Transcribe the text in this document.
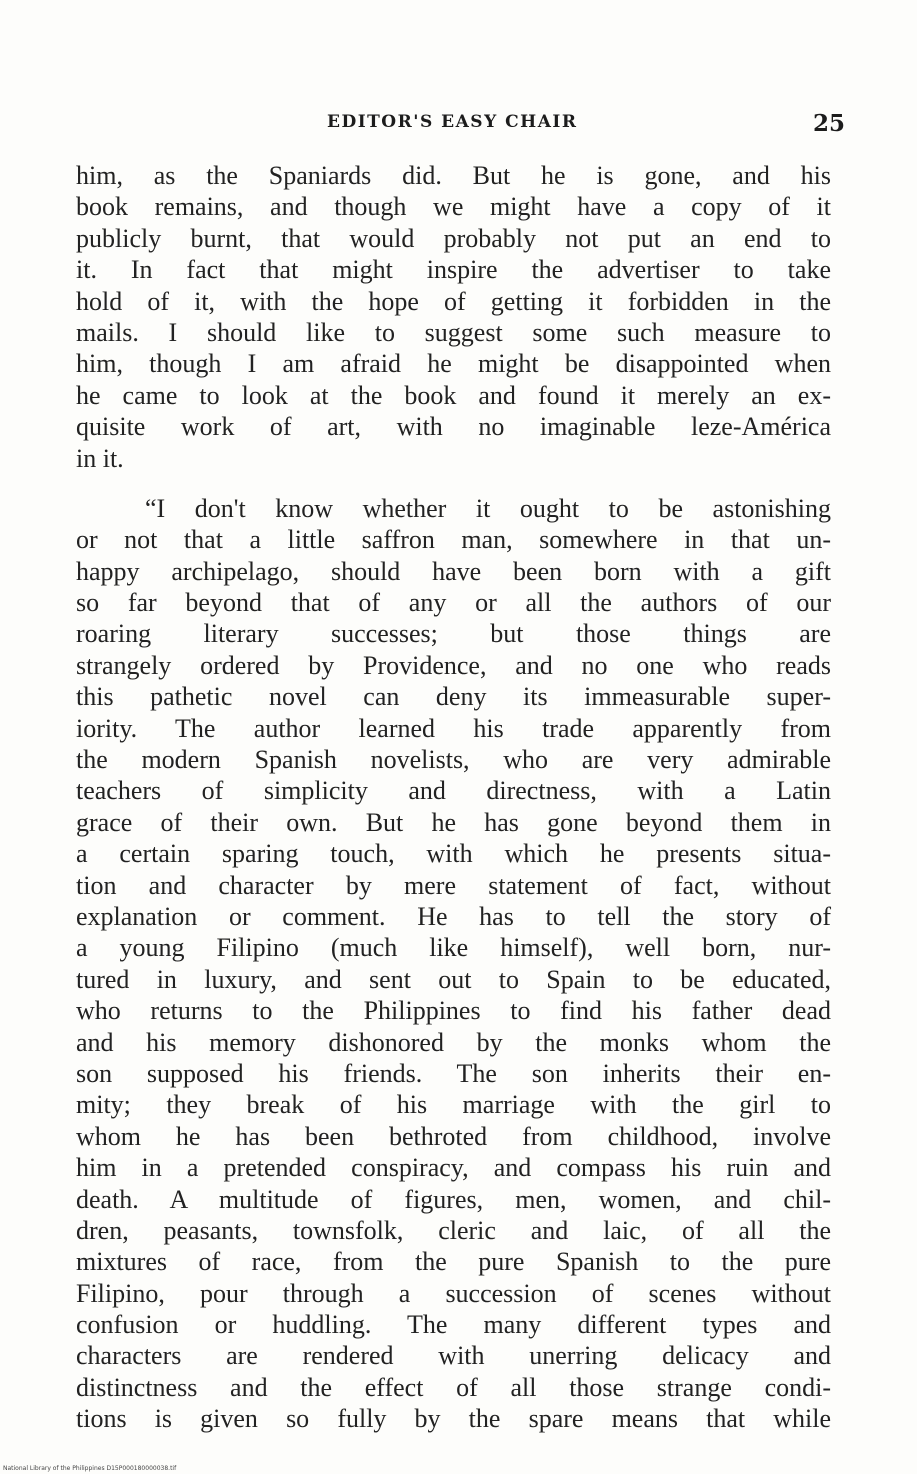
EDITOR'S EASY CHAIR	25
him, as the Spaniards did. But he is gone, and his
book remains, and though we might have a copy of it
publicly burnt, that would probably not put an end to
it. In fact that might inspire the advertiser to take
hold of it, with the hope of getting it forbidden in the
mails. I should like to suggest some such measure to
him, though I am afraid he might be disappointed when
he came to look at the book and found it merely an ex-
quisite work of art, with no imaginable leze-América
in it.
“I don't know whether it ought to be astonishing
or not that a little saffron man, somewhere in that un-
happy archipelago, should have been born with a gift
so far beyond that of any or all the authors of our
roaring literary successes; but those things are
strangely ordered by Providence, and no one who reads
this pathetic novel can deny its immeasurable super-
iority. The author learned his trade apparently from
the modern Spanish novelists, who are very admirable
teachers of simplicity and directness, with a Latin
grace of their own. But he has gone beyond them in
a certain sparing touch, with which he presents situa-
tion and character by mere statement of fact, without
explanation or comment. He has to tell the story of
a young Filipino (much like himself), well born, nur-
tured in luxury, and sent out to Spain to be educated,
who returns to the Philippines to find his father dead
and his memory dishonored by the monks whom the
son supposed his friends. The son inherits their en-
mity; they break of his marriage with the girl to
whom he has been bethroted from childhood, involve
him in a pretended conspiracy, and compass his ruin and
death. A multitude of figures, men, women, and chil-
dren, peasants, townsfolk, cleric and laic, of all the
mixtures of race, from the pure Spanish to the pure
Filipino, pour through a succession of scenes without
confusion or huddling. The many different types and
characters are rendered with unerring delicacy and
distinctness and the effect of all those strange condi-
tions is given so fully by the spare means that while
National Library of the Philippines D15P000180000038.tif
